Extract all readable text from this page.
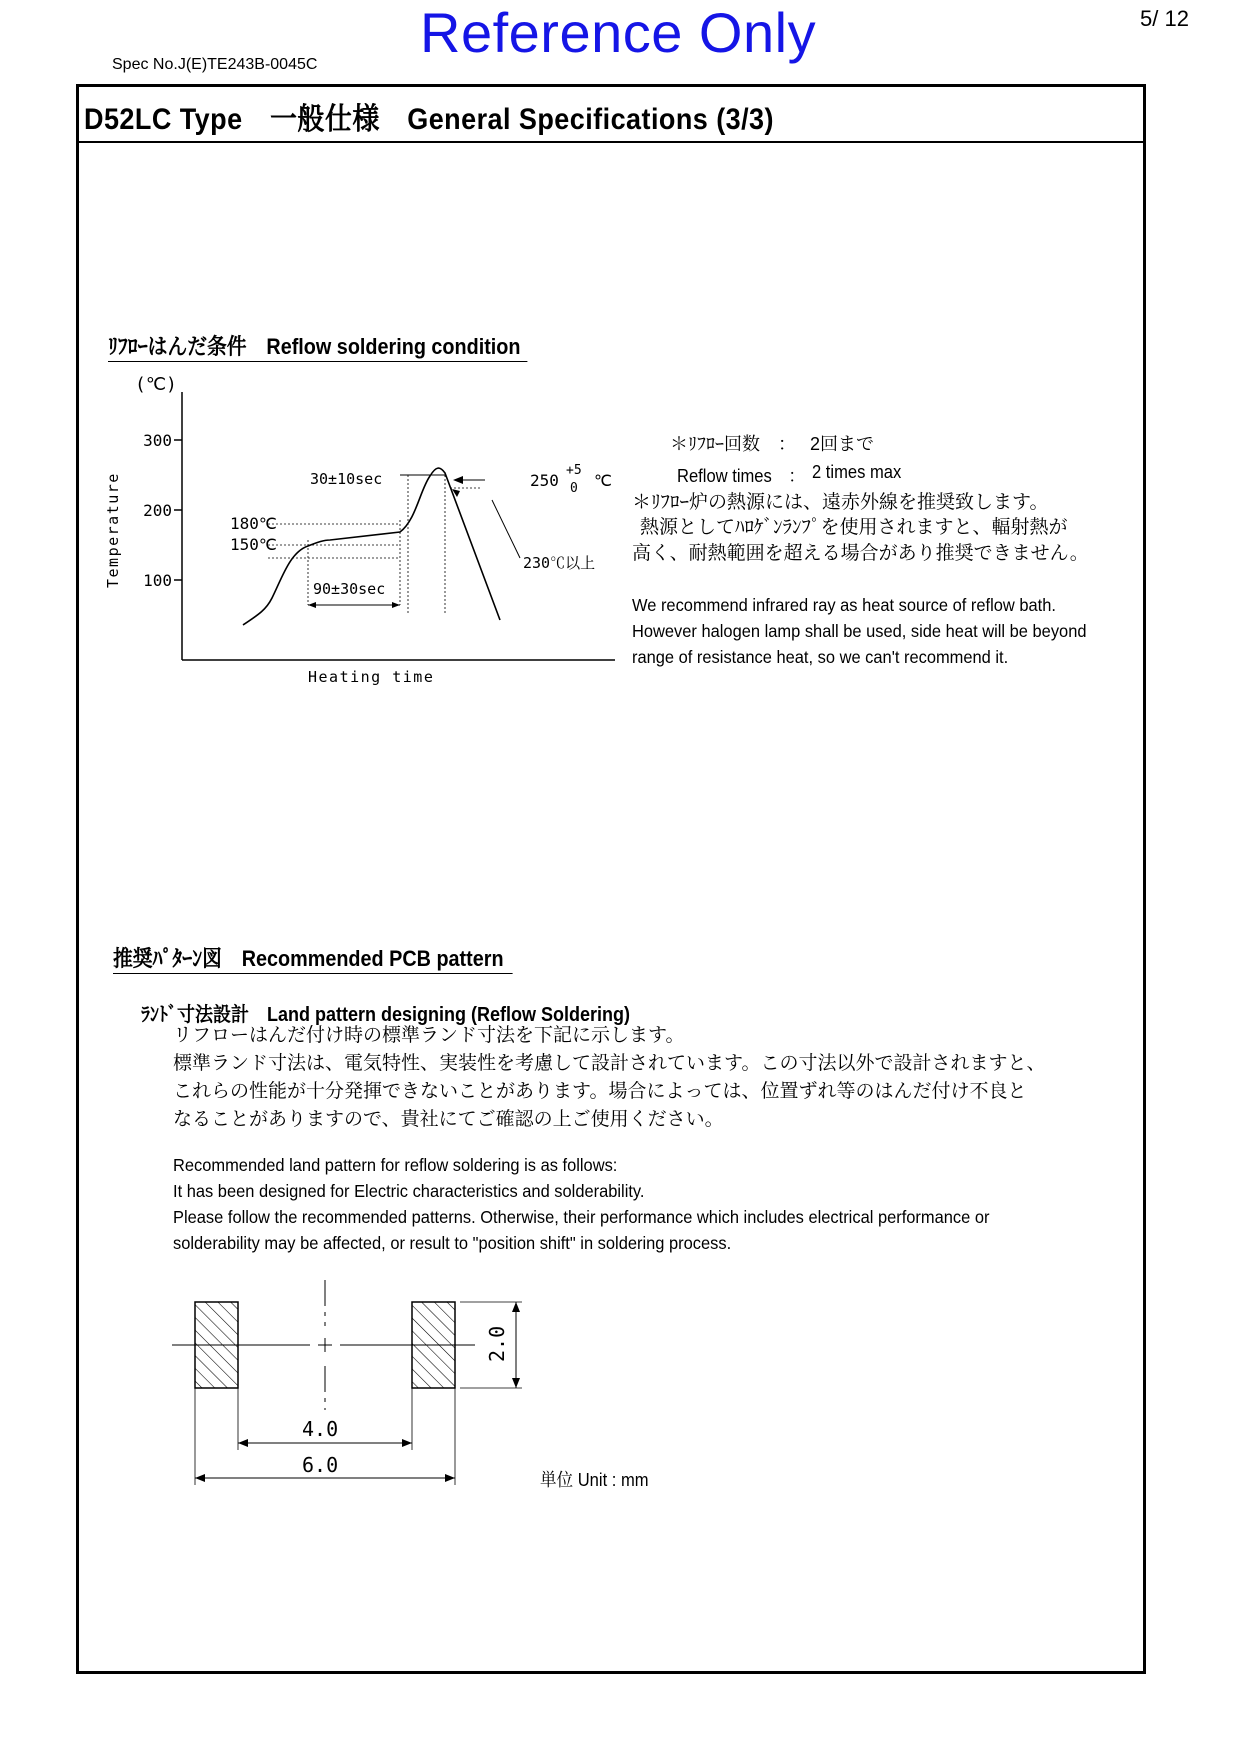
5/ 12
Spec No.J(E)TE243B-0045C
Reference Only
D52LC Type　一般仕様　General Specifications (3/3)
ﾘﾌﾛｰはんだ条件　Reflow soldering condition
300
200
100
(℃)
Temperature
Heating time
30±10sec
90±30sec
180℃
150℃
230℃以上
250
+5
0 ℃
＊ﾘﾌﾛｰ回数　： 2回まで
Reflow times　： 2 times max
＊ﾘﾌﾛｰ炉の熱源には、遠赤外線を推奨致します。
熱源としてﾊﾛｹﾞﾝﾗﾝﾌﾟを使用されますと、輻射熱が
高く、耐熱範囲を超える場合があり推奨できません。
We recommend infrared ray as heat source of reflow bath.
However halogen lamp shall be used, side heat will be beyond
range of resistance heat, so we can't recommend it.
推奨ﾊﾟﾀｰﾝ図　Recommended PCB pattern
ﾗﾝﾄﾞ寸法設計　Land pattern designing (Reflow Soldering)
リフローはんだ付け時の標準ランド寸法を下記に示します。
標準ランド寸法は、電気特性、実装性を考慮して設計されています。この寸法以外で設計されますと、
これらの性能が十分発揮できないことがあります。場合によっては、位置ずれ等のはんだ付け不良と
なることがありますので、貴社にてご確認の上ご使用ください。
Recommended land pattern for reflow soldering is as follows:
It has been designed for Electric characteristics and solderability.
Please follow the recommended patterns. Otherwise, their performance which includes electrical performance or
solderability may be affected, or result to "position shift" in soldering process.
2.0
4.0
6.0
単位 Unit : mm
